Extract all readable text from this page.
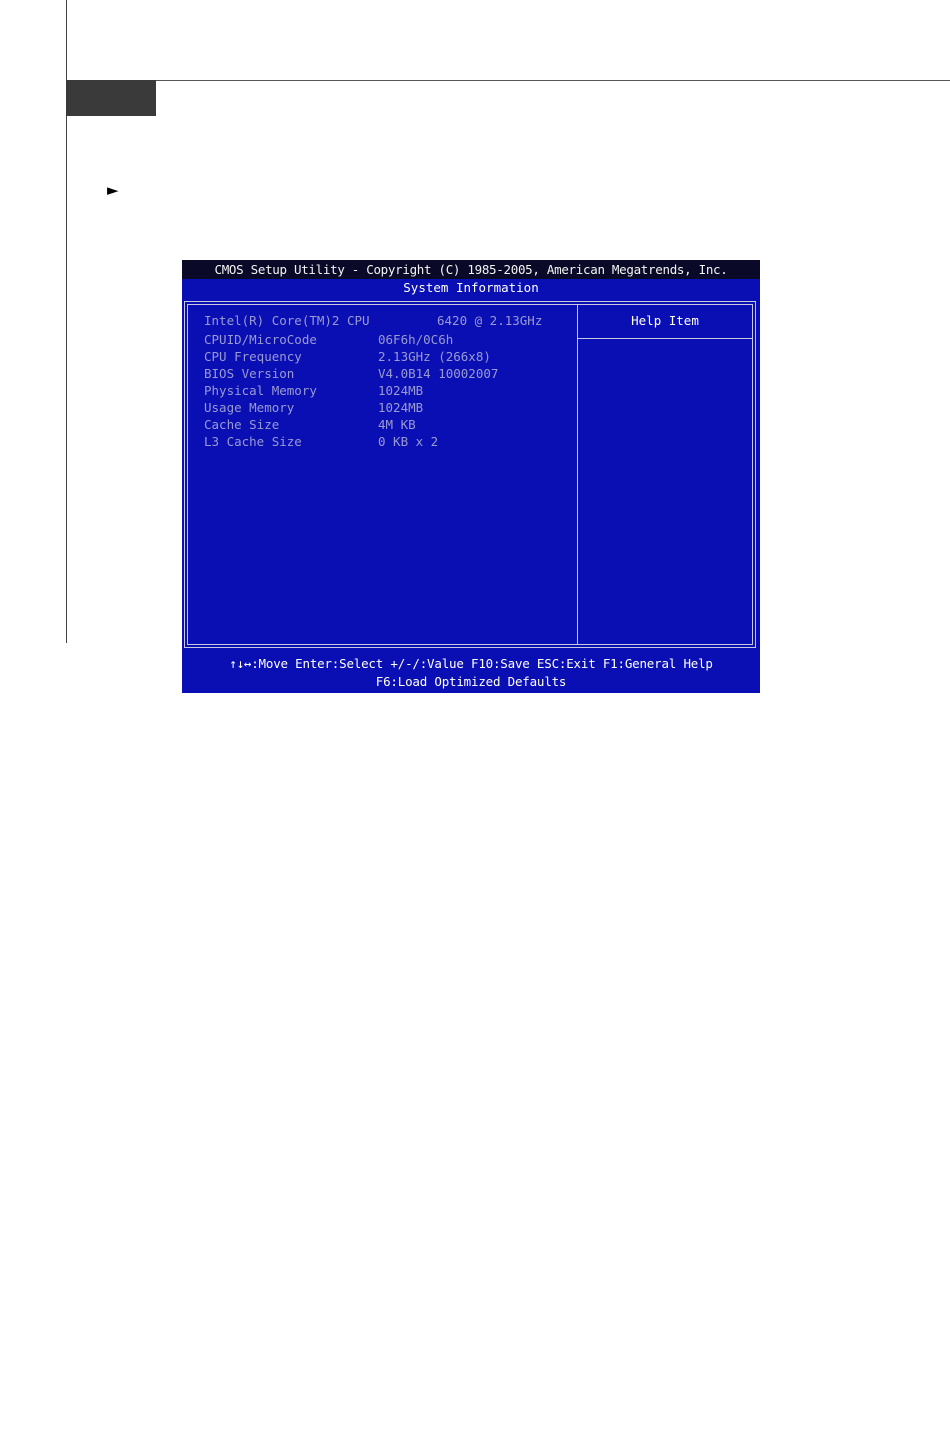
►
CMOS Setup Utility - Copyright (C) 1985-2005, American Megatrends, Inc.
System Information
Help Item
Intel(R) Core(TM)2 CPU	6420 @ 2.13GHz
CPUID/MicroCode	06F6h/0C6h
CPU Frequency	2.13GHz (266x8)
BIOS Version	V4.0B14 10002007
Physical Memory	1024MB
Usage Memory	1024MB
Cache Size	4M KB
L3 Cache Size	0 KB x 2
↑↓↔:Move Enter:Select +/-/:Value F10:Save ESC:Exit F1:General Help
F6:Load Optimized Defaults
